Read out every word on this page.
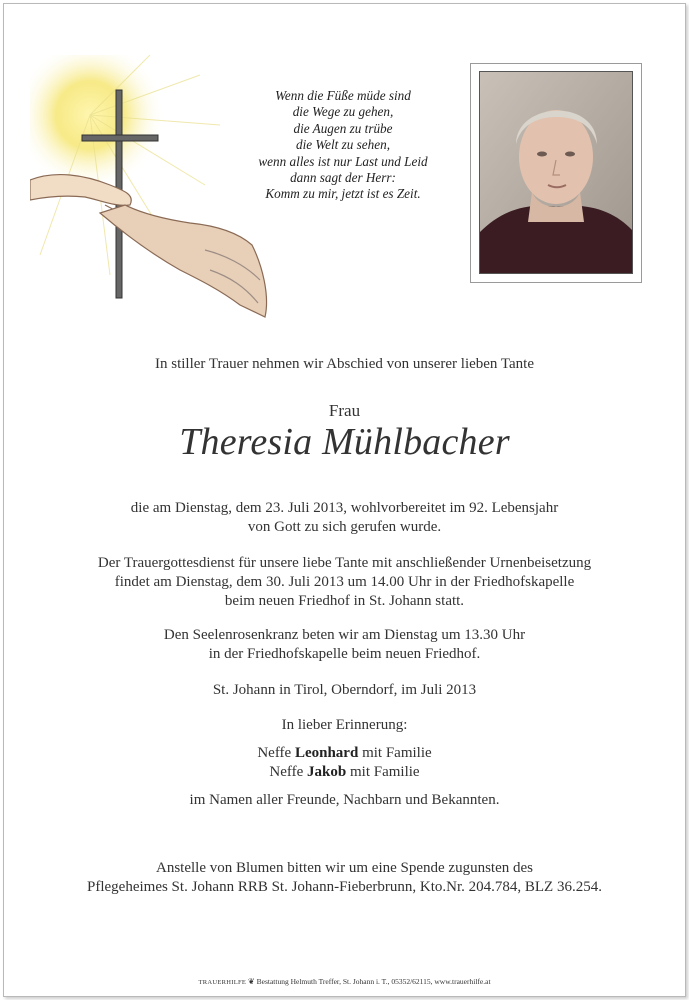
Wenn die Füße müde sind
die Wege zu gehen,
die Augen zu trübe
die Welt zu sehen,
wenn alles ist nur Last und Leid
dann sagt der Herr:
Komm zu mir, jetzt ist es Zeit.
In stiller Trauer nehmen wir Abschied von unserer lieben Tante
Frau
Theresia Mühlbacher
die am Dienstag, dem 23. Juli 2013, wohlvorbereitet im 92. Lebensjahr
von Gott zu sich gerufen wurde.
Der Trauergottesdienst für unsere liebe Tante mit anschließender Urnenbeisetzung
findet am Dienstag, dem 30. Juli 2013 um 14.00 Uhr in der Friedhofskapelle
beim neuen Friedhof in St. Johann statt.
Den Seelenrosenkranz beten wir am Dienstag um 13.30 Uhr
in der Friedhofskapelle beim neuen Friedhof.
St. Johann in Tirol, Oberndorf, im Juli 2013
In lieber Erinnerung:
Neffe Leonhard mit Familie
Neffe Jakob mit Familie
im Namen aller Freunde, Nachbarn und Bekannten.
Anstelle von Blumen bitten wir um eine Spende zugunsten des
Pflegeheimes St. Johann RRB St. Johann-Fieberbrunn, Kto.Nr. 204.784, BLZ 36.254.
TRAUERHILFE ❦ Bestattung Helmuth Treffer, St. Johann i. T., 05352/62115, www.trauerhilfe.at
